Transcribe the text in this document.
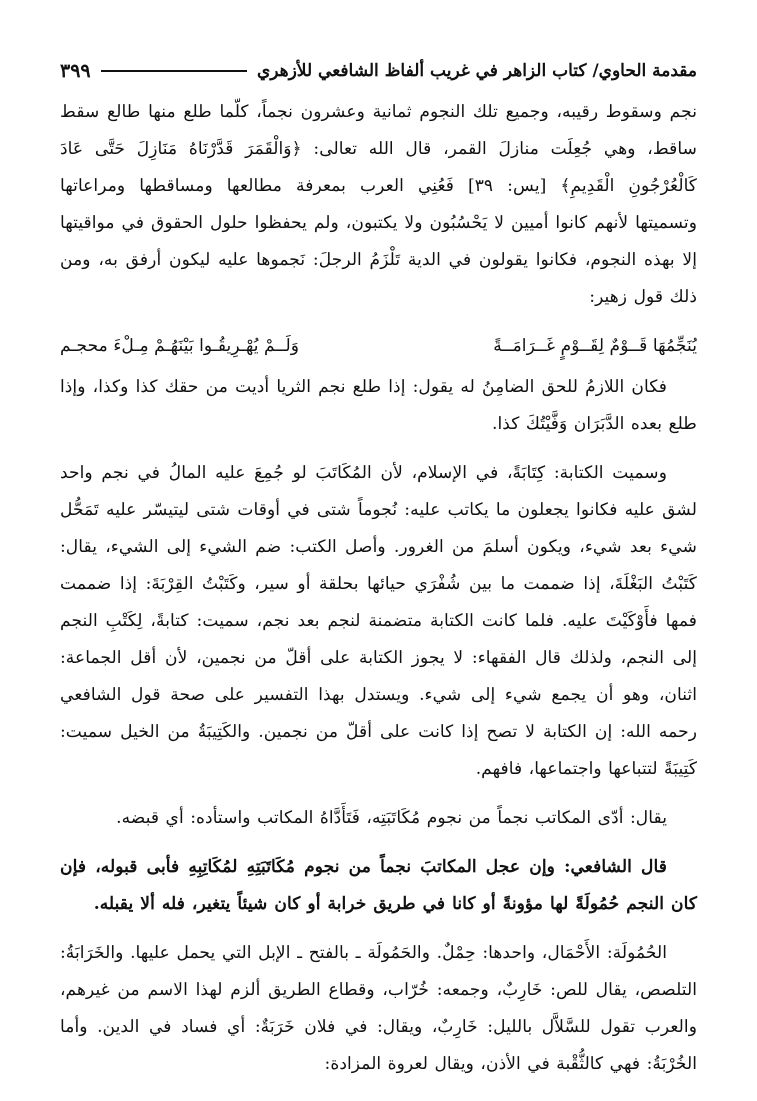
مقدمة الحاوي/ كتاب الزاهر في غريب ألفاظ الشافعي للأزهري
٣٩٩

نجم وسقوط رقيبه، وجميع تلك النجوم ثمانية وعشرون نجماً، كلّما طلع منها طالع سقط ساقط، وهي جُعِلَت منازلَ القمر، قال الله تعالى: ﴿وَالْقَمَرَ قَدَّرْنَاهُ مَنَازِلَ حَتَّى عَادَ كَالْعُرْجُونِ الْقَدِيمِ﴾ [يس: ٣٩] فَعُنِي العرب بمعرفة مطالعها ومساقطها ومراعاتها وتسميتها لأنهم كانوا أميين لا يَحْسُبُون ولا يكتبون، ولم يحفظوا حلول الحقوق في مواقيتها إلا بهذه النجوم، فكانوا يقولون في الدية تَلْزَمُ الرجلَ: نَجموها عليه ليكون أرفق به، ومن ذلك قول زهير:

يُنَجِّمُهَا قَــوْمٌ لِقَــوْمٍ غَــرَامَــةً
وَلَــمْ يُهْـرِيقُـوا بَيْنَهُـمْ مِـلْءَ محجـم

فكان اللازمُ للحق الضامِنُ له يقول: إذا طلع نجم الثريا أديت من حقك كذا وكذا، وإذا طلع بعده الدَّبَرَان وَفَّيْتُكَ كذا.

وسميت الكتابة: كِتَابَةً، في الإسلام، لأن المُكَاتَبَ لو جُمِعَ عليه المالُ في نجم واحد لشق عليه فكانوا يجعلون ما يكاتب عليه: نُجوماً شتى في أوقات شتى ليتيسّر عليه تَمَحُّل شيء بعد شيء، ويكون أسلمَ من الغرور. وأصل الكتب: ضم الشيء إلى الشيء، يقال: كَتَبْتُ البَغْلَةَ، إذا ضممت ما بين شُفْرَي حيائها بحلقة أو سير، وكَتَبْتُ القِرْبَةَ: إذا ضممت فمها فأَوْكَيْتَ عليه. فلما كانت الكتابة متضمنة لنجم بعد نجم، سميت: كتابةً، لِكَتْبِ النجم إلى النجم، ولذلك قال الفقهاء: لا يجوز الكتابة على أقلّ من نجمين، لأن أقل الجماعة: اثنان، وهو أن يجمع شيء إلى شيء. ويستدل بهذا التفسير على صحة قول الشافعي رحمه الله: إن الكتابة لا تصح إذا كانت على أقلّ من نجمين. والكَتِيبَةُ من الخيل سميت: كَتِيبَةً لتتباعها واجتماعها، فافهم.

يقال: أدّى المكاتب نجماً من نجوم مُكَاتَبَتِه، فَتَأَدَّاهُ المكاتب واستأده: أي قبضه.

قال الشافعي: وإن عجل المكاتبَ نجماً من نجوم مُكَاتَبَتِهِ لمُكَاتِبِهِ فأبى قبوله، فإن كان النجم حُمُولَةً لها مؤونةً أو كانا في طريق خرابة أو كان شيئاً يتغير، فله ألا يقبله.

الحُمُولَة: الأَحْمَال، واحدها: حِمْلٌ. والحَمُولَة ـ بالفتح ـ الإبل التي يحمل عليها. والخَرَابَةُ: التلصص، يقال للص: خَارِبٌ، وجمعه: خُرّاب، وقطاع الطريق ألزم لهذا الاسم من غيرهم، والعرب تقول للسَّلاَّل بالليل: خَارِبٌ، ويقال: في فلان خَرَبَةٌ: أي فساد في الدين. وأما الخُرْبَةُ: فهي كالثُّقْبة في الأذن، ويقال لعروة المزادة:
